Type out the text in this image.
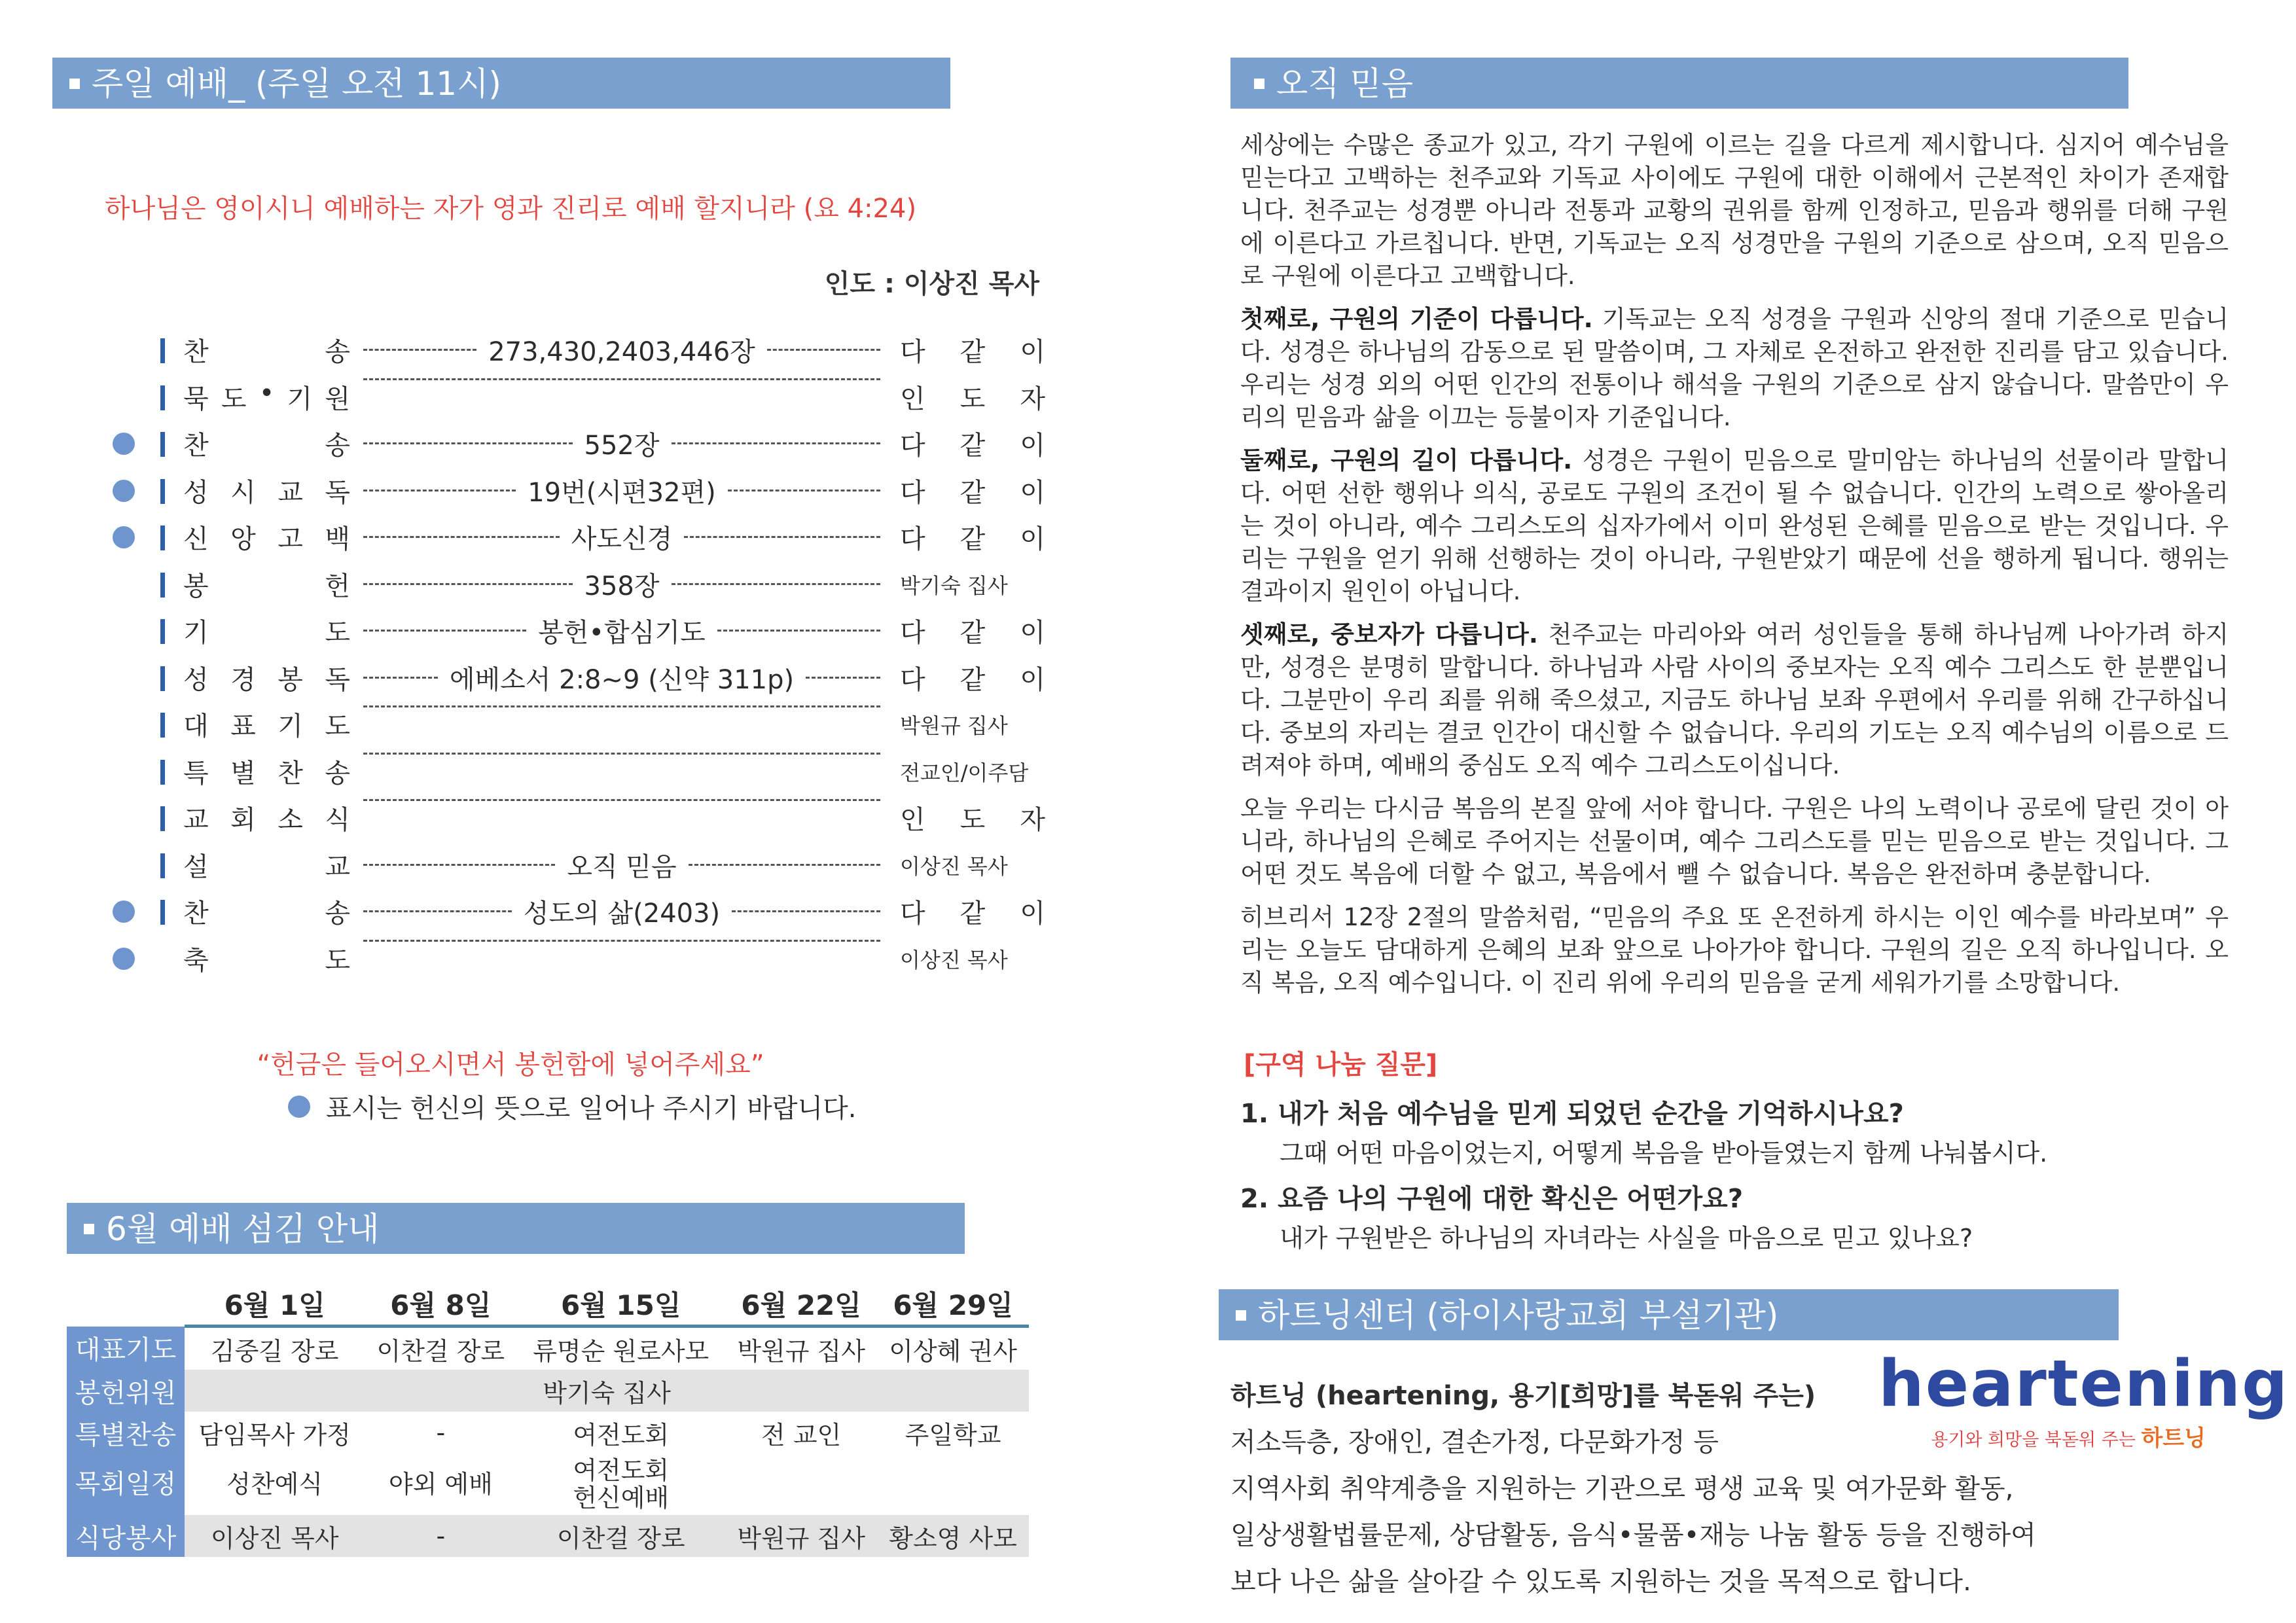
주일 예배_ (주일 오전 11시)
하나님은 영이시니 예배하는 자가 영과 진리로 예배 할지니라 (요 4:24)
인도 : 이상진 목사
찬	송	273,430,2403,446장	다 같 이
묵 도 • 기 원	인 도 자
찬	송	552장	다 같 이
성 시 교 독	19번(시편32편)	다 같 이
신 앙 고 백	사도신경	다 같 이
봉	헌	358장	박기숙 집사
기	도	봉헌•합심기도	다 같 이
성 경 봉 독	에베소서 2:8~9 (신약 311p)	다 같 이
대 표 기 도	박원규 집사
특 별 찬 송	전교인/이주담
교 회 소 식	인 도 자
설	교	오직 믿음	이상진 목사
찬	송	성도의 삶(2403)	다 같 이
축	도	이상진 목사
“헌금은 들어오시면서 봉헌함에 넣어주세요”
표시는 헌신의 뜻으로 일어나 주시기 바랍니다.
6월 예배 섬김 안내
	6월 1일	6월 8일	6월 15일	6월 22일	6월 29일
대표기도	김중길 장로	이찬걸 장로	류명순 원로사모	박원규 집사	이상혜 권사
봉헌위원	박기숙 집사				
특별찬송	담임목사 가정	-	여전도회	전 교인	주일학교
목회일정	성찬예식	야외 예배	여전도회
헌신예배		
식당봉사	이상진 목사	-	이찬걸 장로	박원규 집사	황소영 사모
오직 믿음

세상에는 수많은 종교가 있고, 각기 구원에 이르는 길을 다르게 제시합니다. 심지어 예수님을 믿는다고 고백하는 천주교와 기독교 사이에도 구원에 대한 이해에서 근본적인 차이가 존재합니다. 천주교는 성경뿐 아니라 전통과 교황의 권위를 함께 인정하고, 믿음과 행위를 더해 구원에 이른다고 가르칩니다. 반면, 기독교는 오직 성경만을 구원의 기준으로 삼으며, 오직 믿음으로 구원에 이른다고 고백합니다.

첫째로, 구원의 기준이 다릅니다. 기독교는 오직 성경을 구원과 신앙의 절대 기준으로 믿습니다. 성경은 하나님의 감동으로 된 말씀이며, 그 자체로 온전하고 완전한 진리를 담고 있습니다. 우리는 성경 외의 어떤 인간의 전통이나 해석을 구원의 기준으로 삼지 않습니다. 말씀만이 우리의 믿음과 삶을 이끄는 등불이자 기준입니다.

둘째로, 구원의 길이 다릅니다. 성경은 구원이 믿음으로 말미암는 하나님의 선물이라 말합니다. 어떤 선한 행위나 의식, 공로도 구원의 조건이 될 수 없습니다. 인간의 노력으로 쌓아올리는 것이 아니라, 예수 그리스도의 십자가에서 이미 완성된 은혜를 믿음으로 받는 것입니다. 우리는 구원을 얻기 위해 선행하는 것이 아니라, 구원받았기 때문에 선을 행하게 됩니다. 행위는 결과이지 원인이 아닙니다.

셋째로, 중보자가 다릅니다. 천주교는 마리아와 여러 성인들을 통해 하나님께 나아가려 하지만, 성경은 분명히 말합니다. 하나님과 사람 사이의 중보자는 오직 예수 그리스도 한 분뿐입니다. 그분만이 우리 죄를 위해 죽으셨고, 지금도 하나님 보좌 우편에서 우리를 위해 간구하십니다. 중보의 자리는 결코 인간이 대신할 수 없습니다. 우리의 기도는 오직 예수님의 이름으로 드려져야 하며, 예배의 중심도 오직 예수 그리스도이십니다.

오늘 우리는 다시금 복음의 본질 앞에 서야 합니다. 구원은 나의 노력이나 공로에 달린 것이 아니라, 하나님의 은혜로 주어지는 선물이며, 예수 그리스도를 믿는 믿음으로 받는 것입니다. 그 어떤 것도 복음에 더할 수 없고, 복음에서 뺄 수 없습니다. 복음은 완전하며 충분합니다.

히브리서 12장 2절의 말씀처럼, “믿음의 주요 또 온전하게 하시는 이인 예수를 바라보며” 우리는 오늘도 담대하게 은혜의 보좌 앞으로 나아가야 합니다. 구원의 길은 오직 하나입니다. 오직 복음, 오직 예수입니다. 이 진리 위에 우리의 믿음을 굳게 세워가기를 소망합니다.

[구역 나눔 질문]
1. 내가 처음 예수님을 믿게 되었던 순간을 기억하시나요?
그때 어떤 마음이었는지, 어떻게 복음을 받아들였는지 함께 나눠봅시다.
2. 요즘 나의 구원에 대한 확신은 어떤가요?
내가 구원받은 하나님의 자녀라는 사실을 마음으로 믿고 있나요?
하트닝센터 (하이사랑교회 부설기관)
하트닝 (heartening, 용기[희망]를 북돋워 주는)
저소득층, 장애인, 결손가정, 다문화가정 등
지역사회 취약계층을 지원하는 기관으로 평생 교육 및 여가문화 활동,
일상생활법률문제, 상담활동, 음식•물품•재능 나눔 활동 등을 진행하여
보다 나은 삶을 살아갈 수 있도록 지원하는 것을 목적으로 합니다.
heartening
용기와 희망을 북돋워 주는 하트닝
